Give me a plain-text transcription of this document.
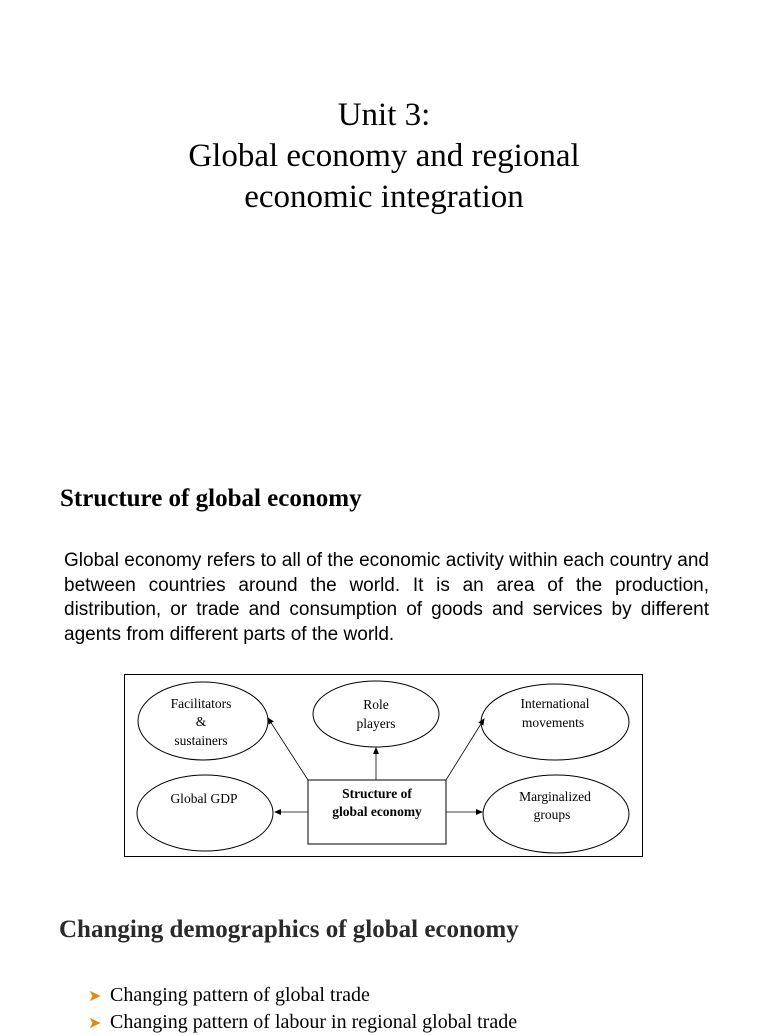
Unit 3:
Global economy and regional
economic integration
Structure of global economy
Global economy refers to all of the economic activity within each country and between countries around the world. It is an area of the production, distribution, or trade and consumption of goods and services by different agents from different parts of the world.
Facilitators
&
sustainers
Role
players
International
movements
Global GDP	Marginalized
groups
Structure of
global economy
Changing demographics of global economy
➤ Changing pattern of global trade
➤ Changing pattern of labour in regional global trade
